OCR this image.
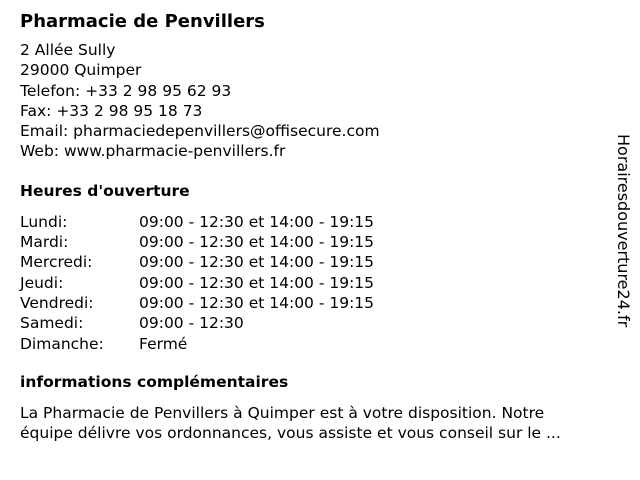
Pharmacie de Penvillers
2 Allée Sully
29000 Quimper
Telefon: +33 2 98 95 62 93
Fax: +33 2 98 95 18 73
Email: pharmaciedepenvillers@offisecure.com
Web: www.pharmacie-penvillers.fr
Heures d'ouverture
Lundi:	09:00 - 12:30 et 14:00 - 19:15
Mardi:	09:00 - 12:30 et 14:00 - 19:15
Mercredi:	09:00 - 12:30 et 14:00 - 19:15
Jeudi:	09:00 - 12:30 et 14:00 - 19:15
Vendredi:	09:00 - 12:30 et 14:00 - 19:15
Samedi:	09:00 - 12:30
Dimanche:	Fermé
informations complémentaires
La Pharmacie de Penvillers à Quimper est à votre disposition. Notre
équipe délivre vos ordonnances, vous assiste et vous conseil sur le ...
Horairesdouverture24.fr
